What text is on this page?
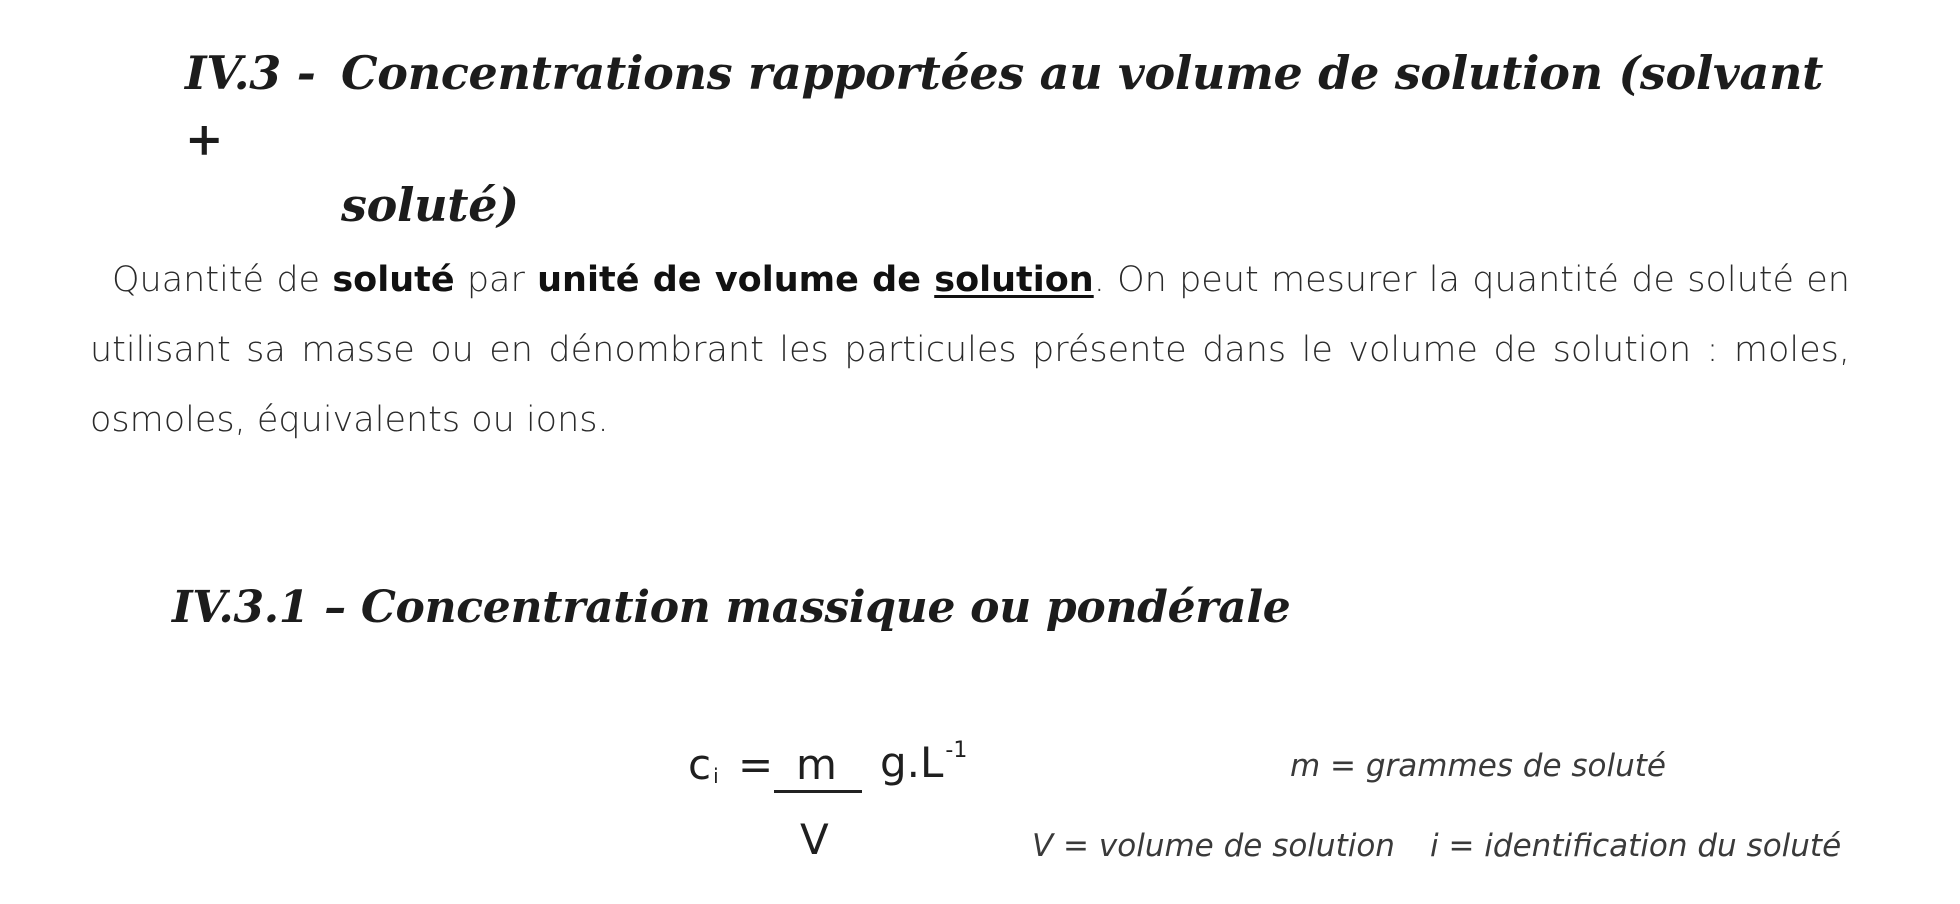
IV.3 - Concentrations rapportées au volume de solution (solvant +
soluté)

Quantité de soluté par unité de volume de solution. On peut mesurer la quantité de soluté en utilisant sa masse ou en dénombrant les particules présente dans le volume de solution : moles, osmoles, équivalents ou ions.

IV.3.1 – Concentration massique ou pondérale
c $_i$ = m
V
$g.L^{-1}$	m = grammes de soluté
V = volume de solution i = identification du soluté
